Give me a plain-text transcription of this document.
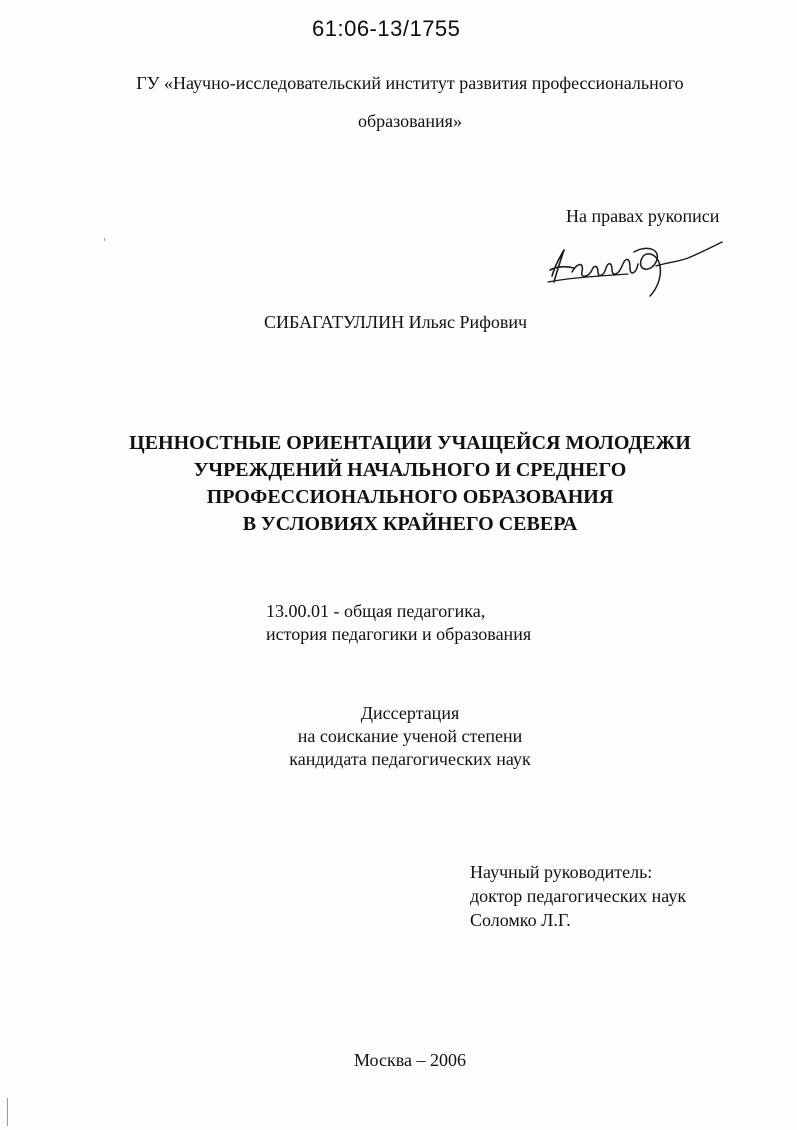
61:06-13/1755
ГУ «Научно-исследовательский институт развития профессионального
образования»
На правах рукописи
СИБАГАТУЛЛИН Ильяс Рифович
ЦЕННОСТНЫЕ ОРИЕНТАЦИИ УЧАЩЕЙСЯ МОЛОДЕЖИ
УЧРЕЖДЕНИЙ НАЧАЛЬНОГО И СРЕДНЕГО
ПРОФЕССИОНАЛЬНОГО ОБРАЗОВАНИЯ
В УСЛОВИЯХ КРАЙНЕГО СЕВЕРА
13.00.01 - общая педагогика,
история педагогики и образования
Диссертация
на соискание ученой степени
кандидата педагогических наук
Научный руководитель:
доктор педагогических наук
Соломко Л.Г.
Москва – 2006
